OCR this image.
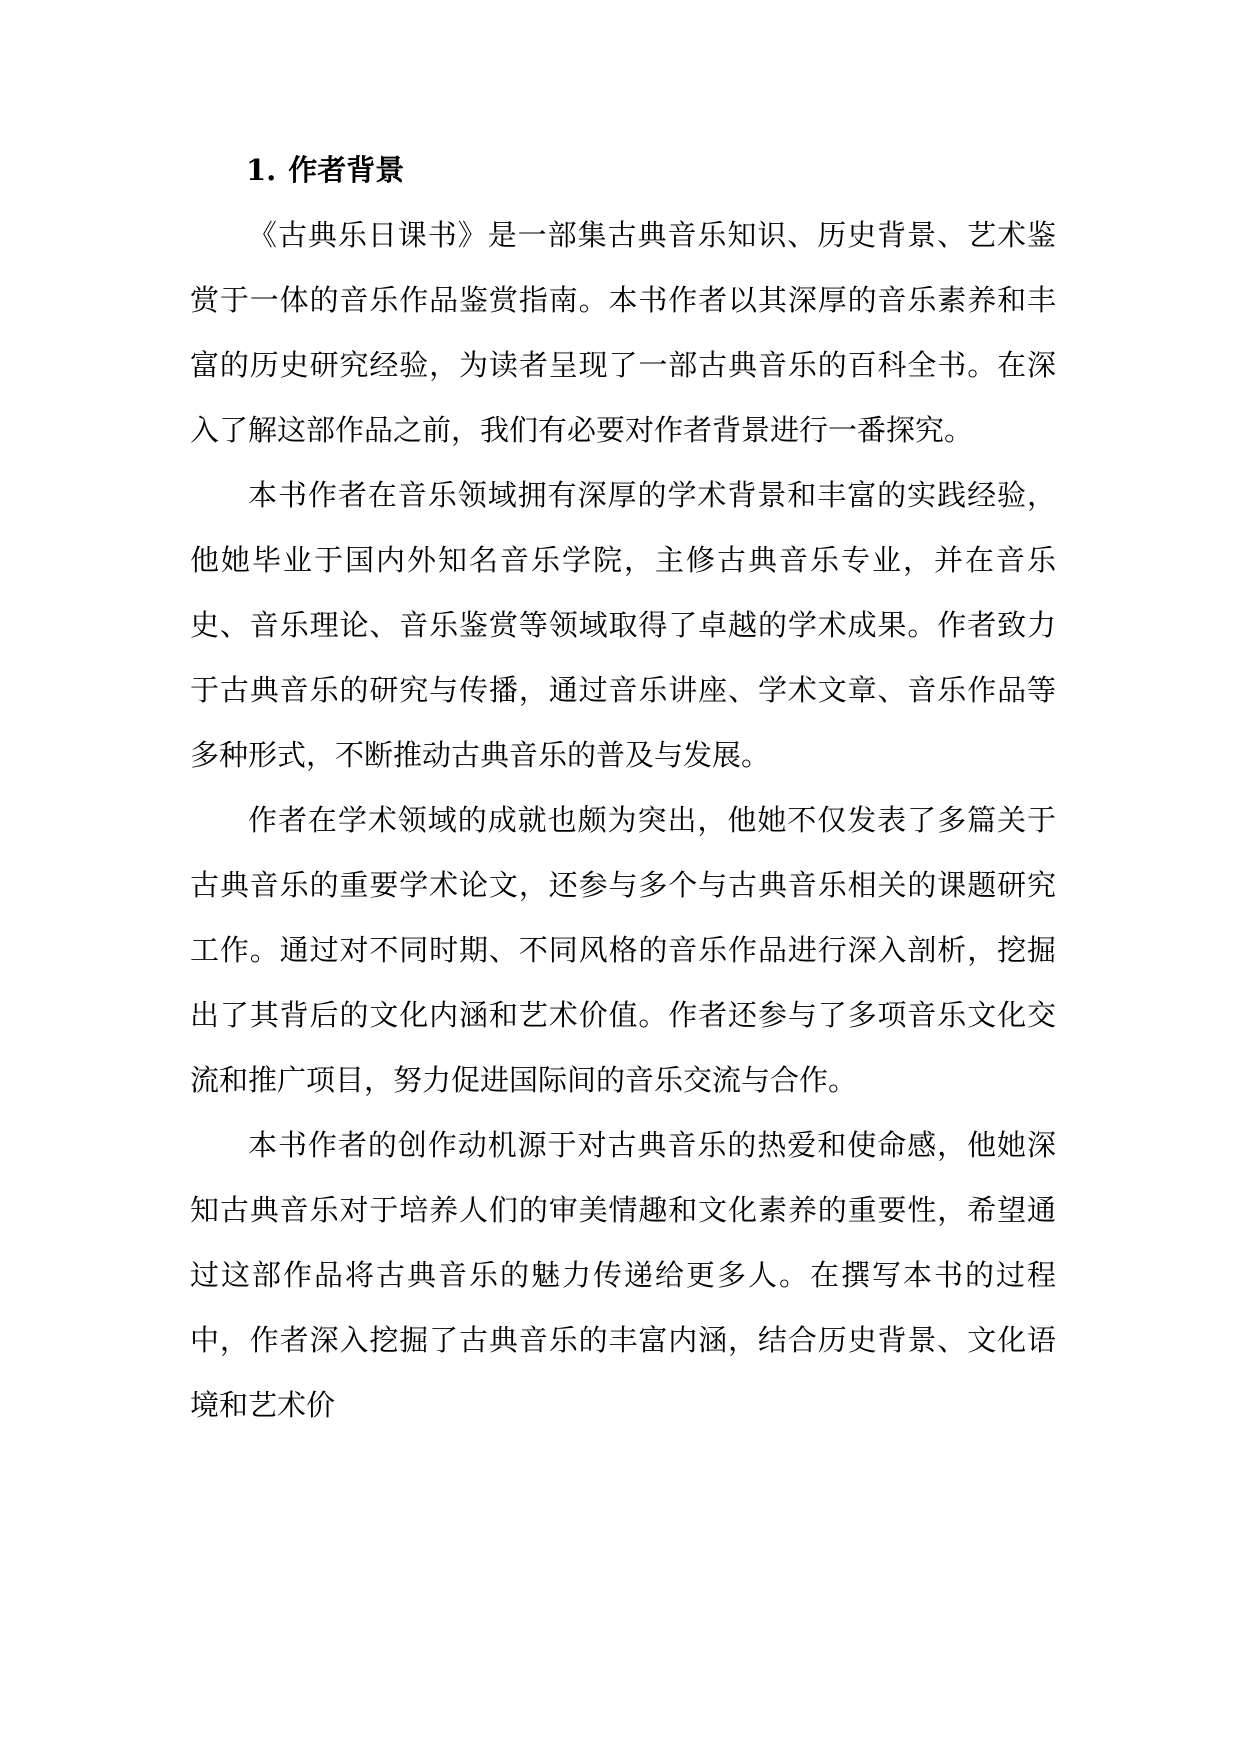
1. 作者背景

《古典乐日课书》是一部集古典音乐知识、历史背景、艺术鉴赏于一体的音乐作品鉴赏指南。本书作者以其深厚的音乐素养和丰富的历史研究经验，为读者呈现了一部古典音乐的百科全书。在深入了解这部作品之前，我们有必要对作者背景进行一番探究。

本书作者在音乐领域拥有深厚的学术背景和丰富的实践经验，他她毕业于国内外知名音乐学院，主修古典音乐专业，并在音乐史、音乐理论、音乐鉴赏等领域取得了卓越的学术成果。作者致力于古典音乐的研究与传播，通过音乐讲座、学术文章、音乐作品等多种形式，不断推动古典音乐的普及与发展。

作者在学术领域的成就也颇为突出，他她不仅发表了多篇关于古典音乐的重要学术论文，还参与多个与古典音乐相关的课题研究工作。通过对不同时期、不同风格的音乐作品进行深入剖析，挖掘出了其背后的文化内涵和艺术价值。作者还参与了多项音乐文化交流和推广项目，努力促进国际间的音乐交流与合作。

本书作者的创作动机源于对古典音乐的热爱和使命感，他她深知古典音乐对于培养人们的审美情趣和文化素养的重要性，希望通过这部作品将古典音乐的魅力传递给更多人。在撰写本书的过程中，作者深入挖掘了古典音乐的丰富内涵，结合历史背景、文化语境和艺术价
